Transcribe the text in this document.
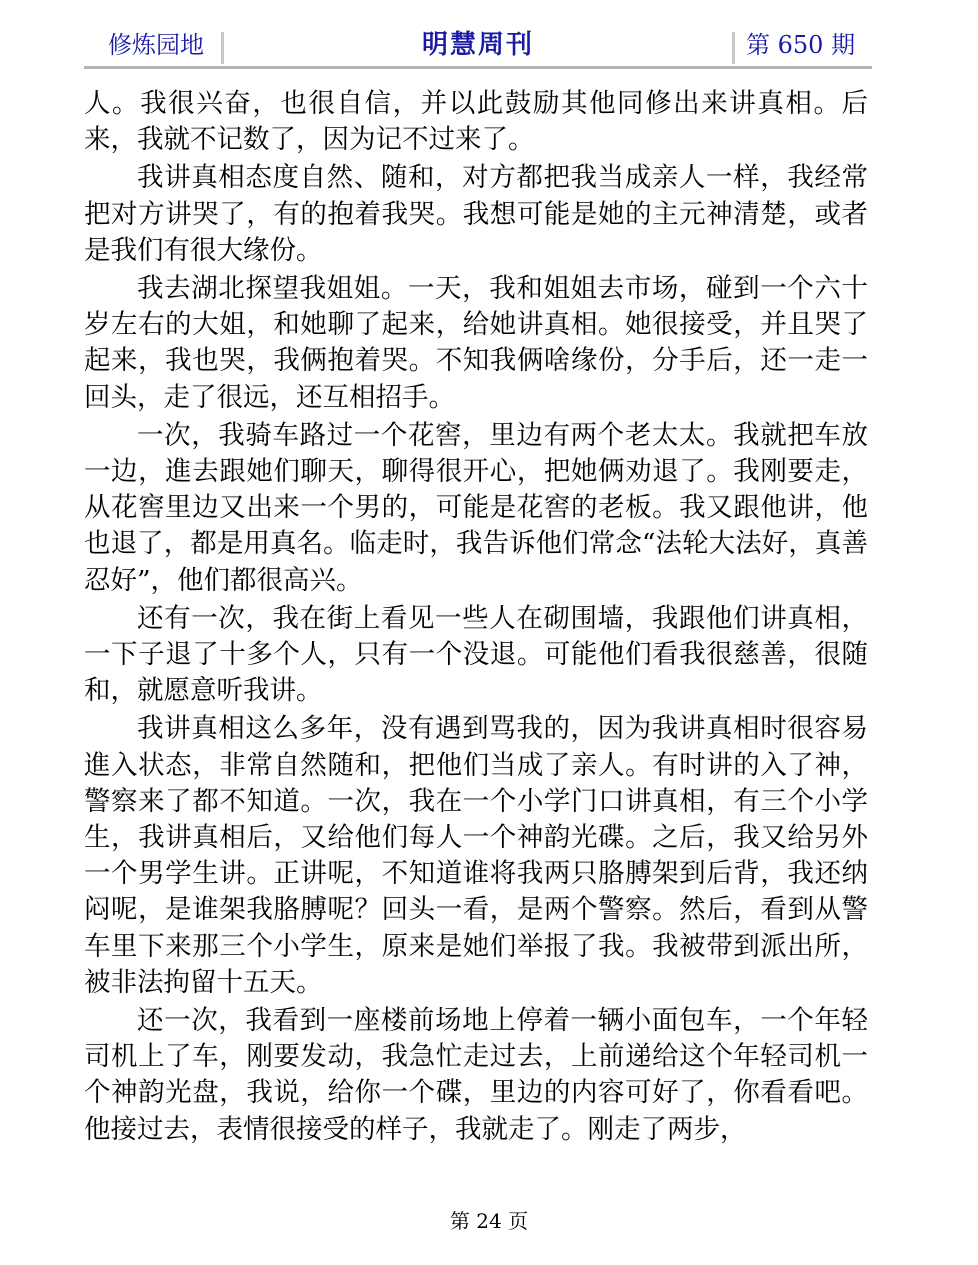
修炼园地	明慧周刊	第 650 期

人。我很兴奋，也很自信，并以此鼓励其他同修出来讲真相。后来，我就不记数了，因为记不过来了。

我讲真相态度自然、随和，对方都把我当成亲人一样，我经常把对方讲哭了，有的抱着我哭。我想可能是她的主元神清楚，或者是我们有很大缘份。

我去湖北探望我姐姐。一天，我和姐姐去市场，碰到一个六十岁左右的大姐，和她聊了起来，给她讲真相。她很接受，并且哭了起来，我也哭，我俩抱着哭。不知我俩啥缘份，分手后，还一走一回头，走了很远，还互相招手。

一次，我骑车路过一个花窖，里边有两个老太太。我就把车放一边，進去跟她们聊天，聊得很开心，把她俩劝退了。我刚要走，从花窖里边又出来一个男的，可能是花窖的老板。我又跟他讲，他也退了，都是用真名。临走时，我告诉他们常念“法轮大法好，真善忍好”，他们都很高兴。

还有一次，我在街上看见一些人在砌围墙，我跟他们讲真相，一下子退了十多个人，只有一个没退。可能他们看我很慈善，很随和，就愿意听我讲。

我讲真相这么多年，没有遇到骂我的，因为我讲真相时很容易進入状态，非常自然随和，把他们当成了亲人。有时讲的入了神，警察来了都不知道。一次，我在一个小学门口讲真相，有三个小学生，我讲真相后，又给他们每人一个神韵光碟。之后，我又给另外一个男学生讲。正讲呢，不知道谁将我两只胳膊架到后背，我还纳闷呢，是谁架我胳膊呢？回头一看，是两个警察。然后，看到从警车里下来那三个小学生，原来是她们举报了我。我被带到派出所，被非法拘留十五天。

还一次，我看到一座楼前场地上停着一辆小面包车，一个年轻司机上了车，刚要发动，我急忙走过去，上前递给这个年轻司机一个神韵光盘，我说，给你一个碟，里边的内容可好了，你看看吧。他接过去，表情很接受的样子，我就走了。刚走了两步，

第 24 页
